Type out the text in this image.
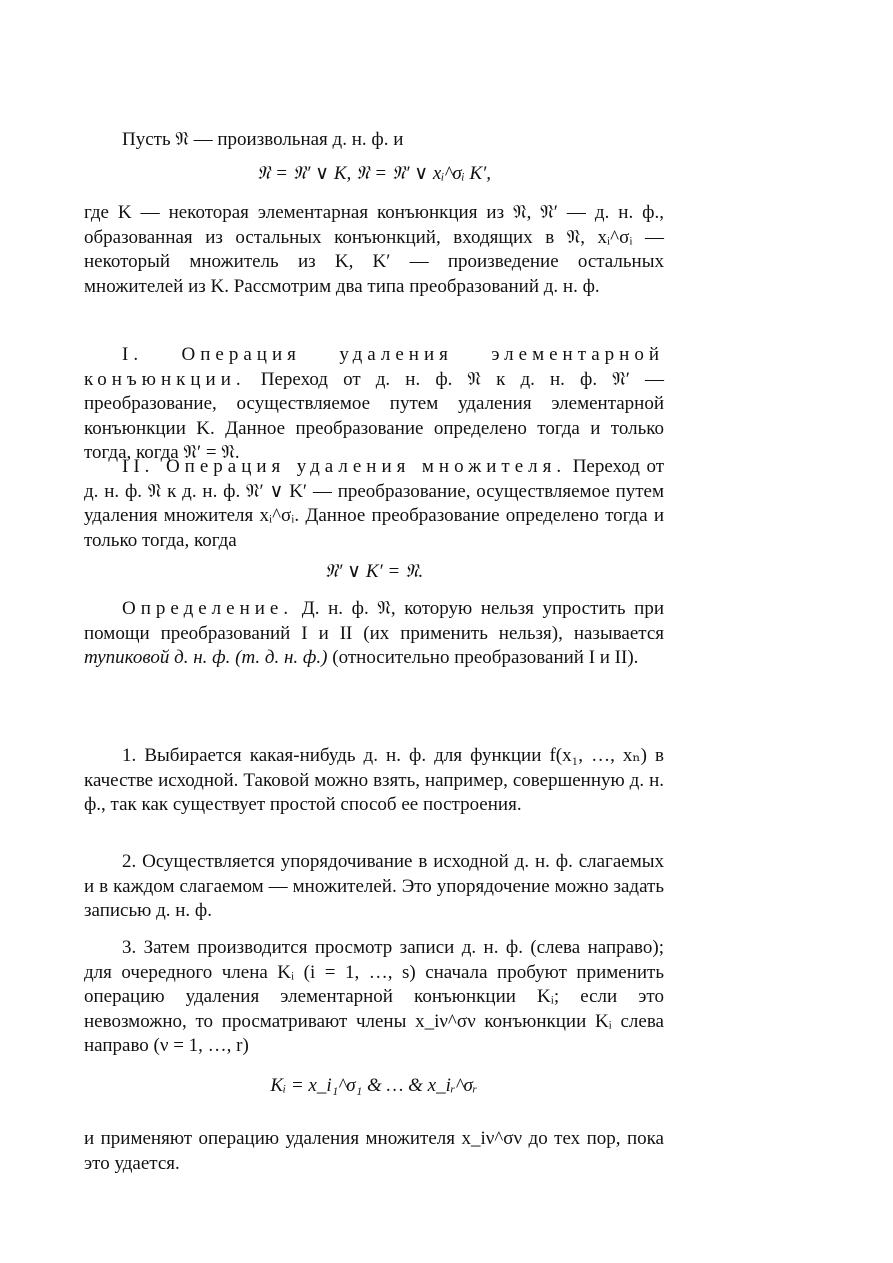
Пусть 𝔑 — произвольная д. н. ф. и

𝔑 = 𝔑′ ∨ K, 𝔑 = 𝔑′ ∨ xᵢ^σᵢ K′,

где K — некоторая элементарная конъюнкция из 𝔑, 𝔑′ — д. н. ф., образованная из остальных конъюнкций, входящих в 𝔑, xᵢ^σᵢ — некоторый множитель из K, K′ — произведение остальных множителей из K. Рассмотрим два типа преобразований д. н. ф.

I. Операция удаления элементарной конъюнкции. Переход от д. н. ф. 𝔑 к д. н. ф. 𝔑′ — преобразование, осуществляемое путем удаления элементарной конъюнкции K. Данное преобразование определено тогда и только тогда, когда 𝔑′ = 𝔑.

II. Операция удаления множителя. Переход от д. н. ф. 𝔑 к д. н. ф. 𝔑′ ∨ K′ — преобразование, осуществляемое путем удаления множителя xᵢ^σᵢ. Данное преобразование определено тогда и только тогда, когда

𝔑′ ∨ K′ = 𝔑.

Определение. Д. н. ф. 𝔑, которую нельзя упростить при помощи преобразований I и II (их применить нельзя), называется тупиковой д. н. ф. (т. д. н. ф.) (относительно преобразований I и II).

1. Выбирается какая-нибудь д. н. ф. для функции f(x₁, …, xₙ) в качестве исходной. Таковой можно взять, например, совершенную д. н. ф., так как существует простой способ ее построения.

2. Осуществляется упорядочивание в исходной д. н. ф. слагаемых и в каждом слагаемом — множителей. Это упорядочение можно задать записью д. н. ф.

3. Затем производится просмотр записи д. н. ф. (слева направо); для очередного члена Kᵢ (i = 1, …, s) сначала пробуют применить операцию удаления элементарной конъюнкции Kᵢ; если это невозможно, то просматривают члены x_iν^σν конъюнкции Kᵢ слева направо (ν = 1, …, r)

Kᵢ = x_i₁^σ₁ & … & x_iᵣ^σᵣ

и применяют операцию удаления множителя x_iν^σν до тех пор, пока это удается.
